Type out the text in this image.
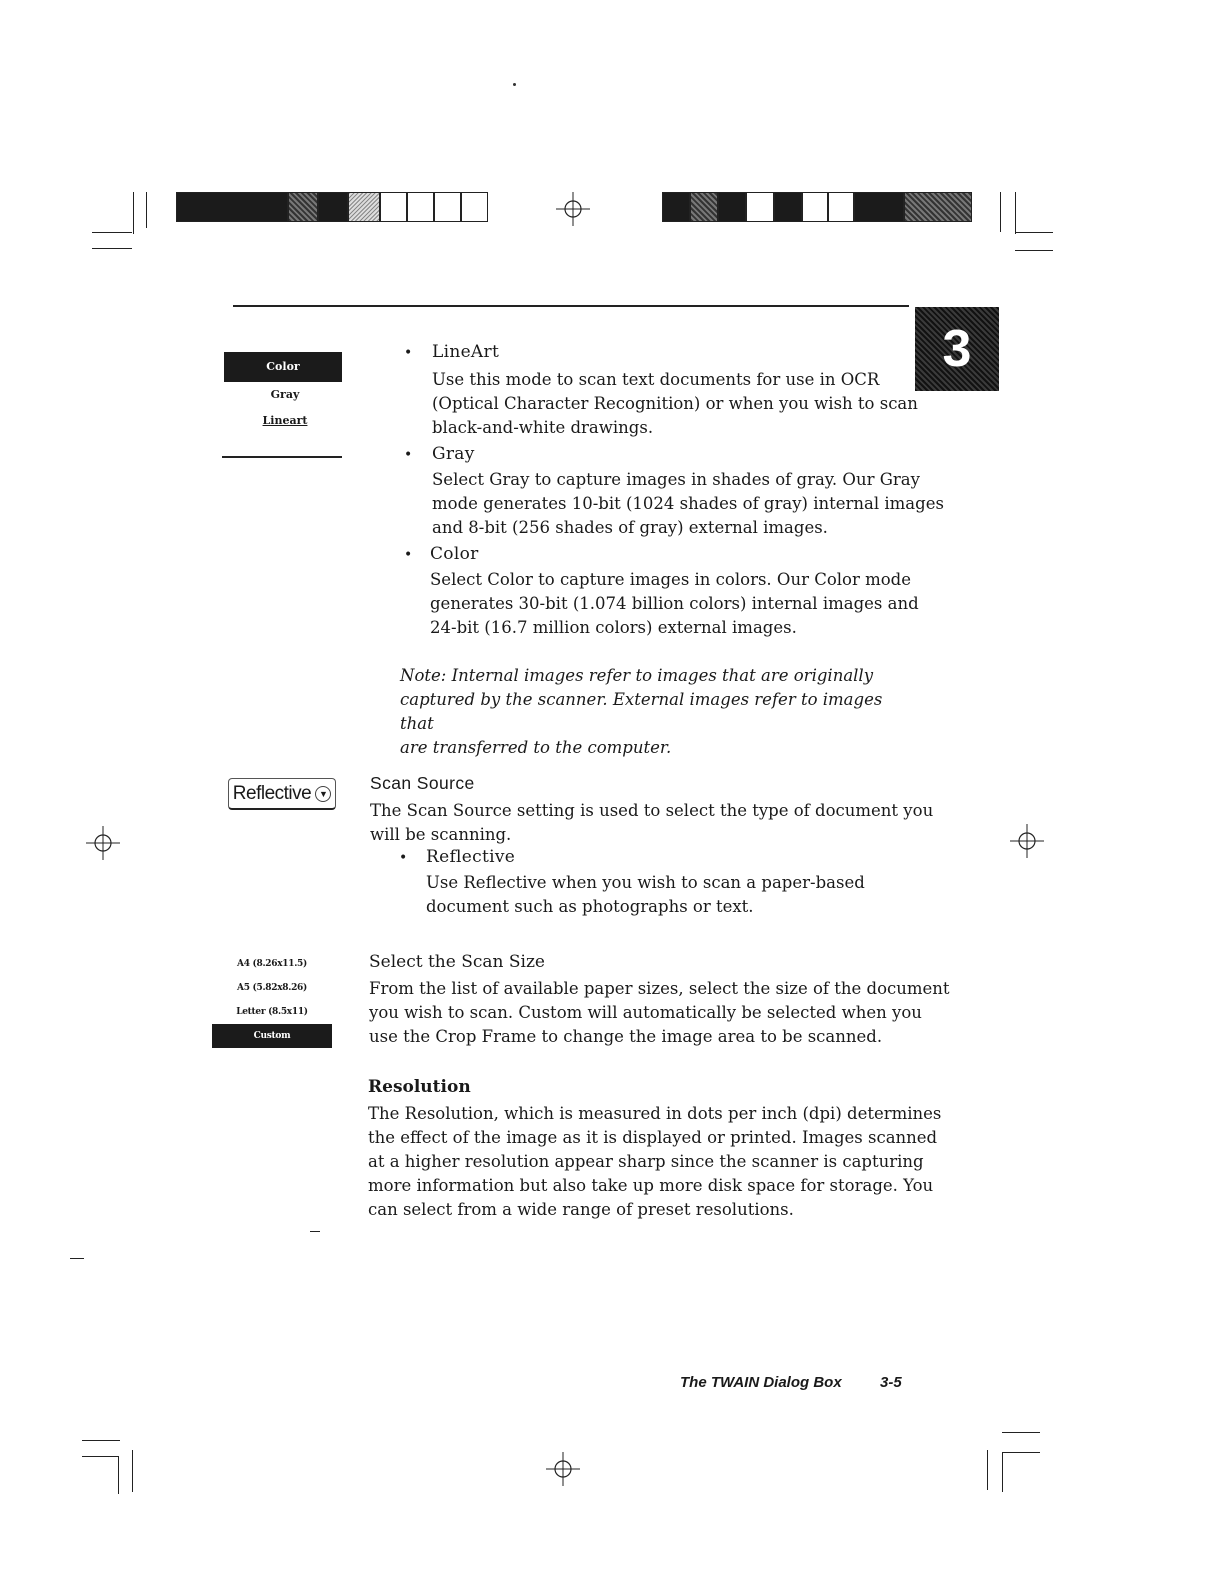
3
Color
Gray
Lineart
Reflective ▼
A4 (8.26x11.5)
A5 (5.82x8.26)
Letter (8.5x11)
Custom
• LineArt
Use this mode to scan text documents for use in OCR
(Optical Character Recognition) or when you wish to scan
black-and-white drawings.
• Gray
Select Gray to capture images in shades of gray. Our Gray
mode generates 10-bit (1024 shades of gray) internal images
and 8-bit (256 shades of gray) external images.
• Color
Select Color to capture images in colors. Our Color mode
generates 30-bit (1.074 billion colors) internal images and
24-bit (16.7 million colors) external images.
Note: Internal images refer to images that are originally
captured by the scanner. External images refer to images that
are transferred to the computer.
Scan Source
The Scan Source setting is used to select the type of document you
will be scanning.
• Reflective
Use Reflective when you wish to scan a paper-based
document such as photographs or text.
Select the Scan Size
From the list of available paper sizes, select the size of the document
you wish to scan. Custom will automatically be selected when you
use the Crop Frame to change the image area to be scanned.
Resolution
The Resolution, which is measured in dots per inch (dpi) determines
the effect of the image as it is displayed or printed. Images scanned
at a higher resolution appear sharp since the scanner is capturing
more information but also take up more disk space for storage. You
can select from a wide range of preset resolutions.
The TWAIN Dialog Box	3-5
